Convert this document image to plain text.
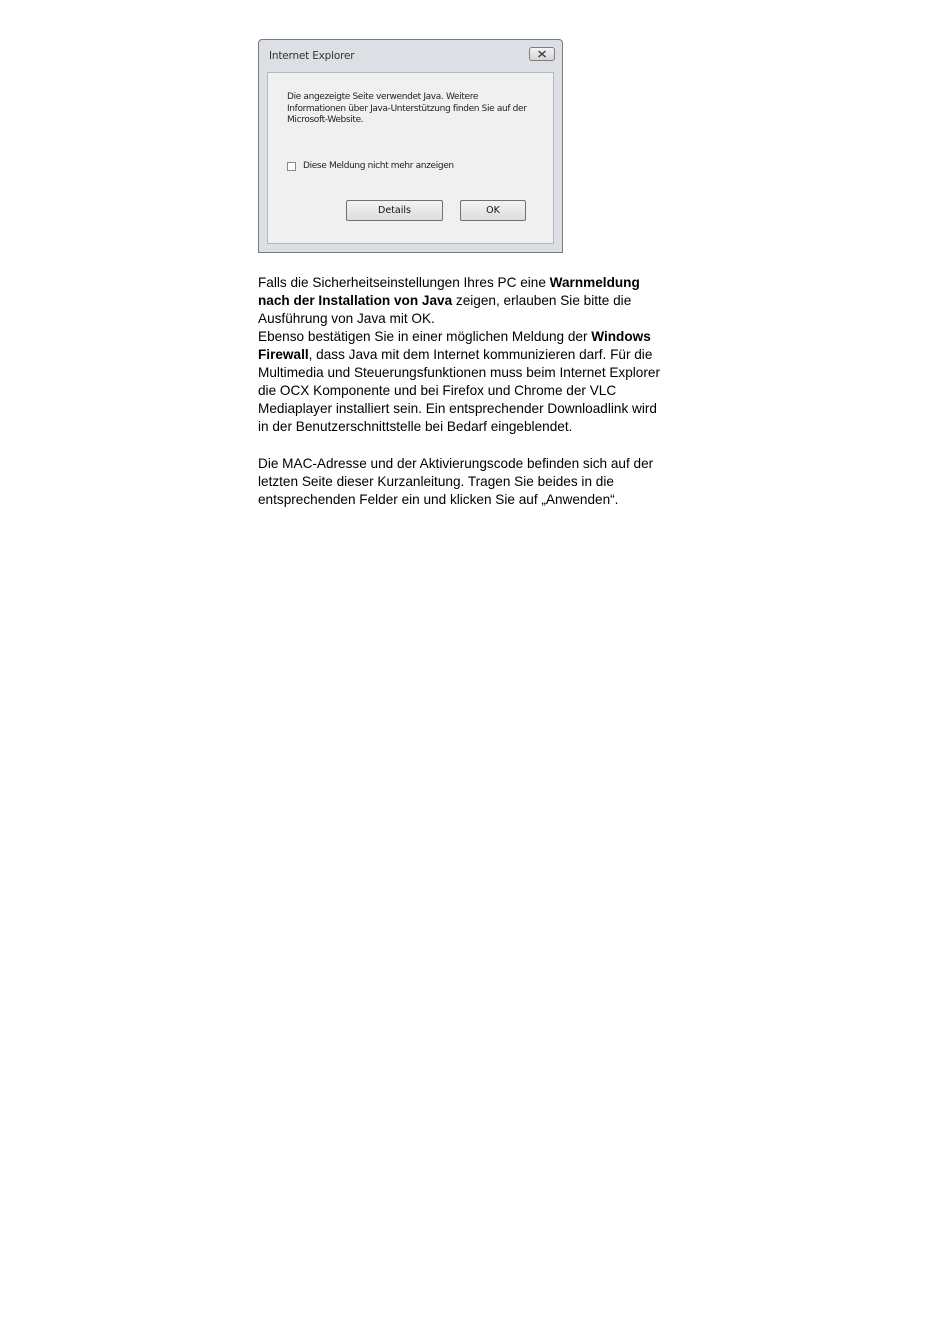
Internet Explorer
Die angezeigte Seite verwendet Java. Weitere
Informationen über Java-Unterstützung finden Sie auf der
Microsoft-Website.
Diese Meldung nicht mehr anzeigen
Details	OK
Falls die Sicherheitseinstellungen Ihres PC eine Warnmeldung
nach der Installation von Java zeigen, erlauben Sie bitte die
Ausführung von Java mit OK.
Ebenso bestätigen Sie in einer möglichen Meldung der Windows
Firewall, dass Java mit dem Internet kommunizieren darf. Für die
Multimedia und Steuerungsfunktionen muss beim Internet Explorer
die OCX Komponente und bei Firefox und Chrome der VLC
Mediaplayer installiert sein. Ein entsprechender Downloadlink wird
in der Benutzerschnittstelle bei Bedarf eingeblendet.
Die MAC-Adresse und der Aktivierungscode befinden sich auf der
letzten Seite dieser Kurzanleitung. Tragen Sie beides in die
entsprechenden Felder ein und klicken Sie auf „Anwenden“.
